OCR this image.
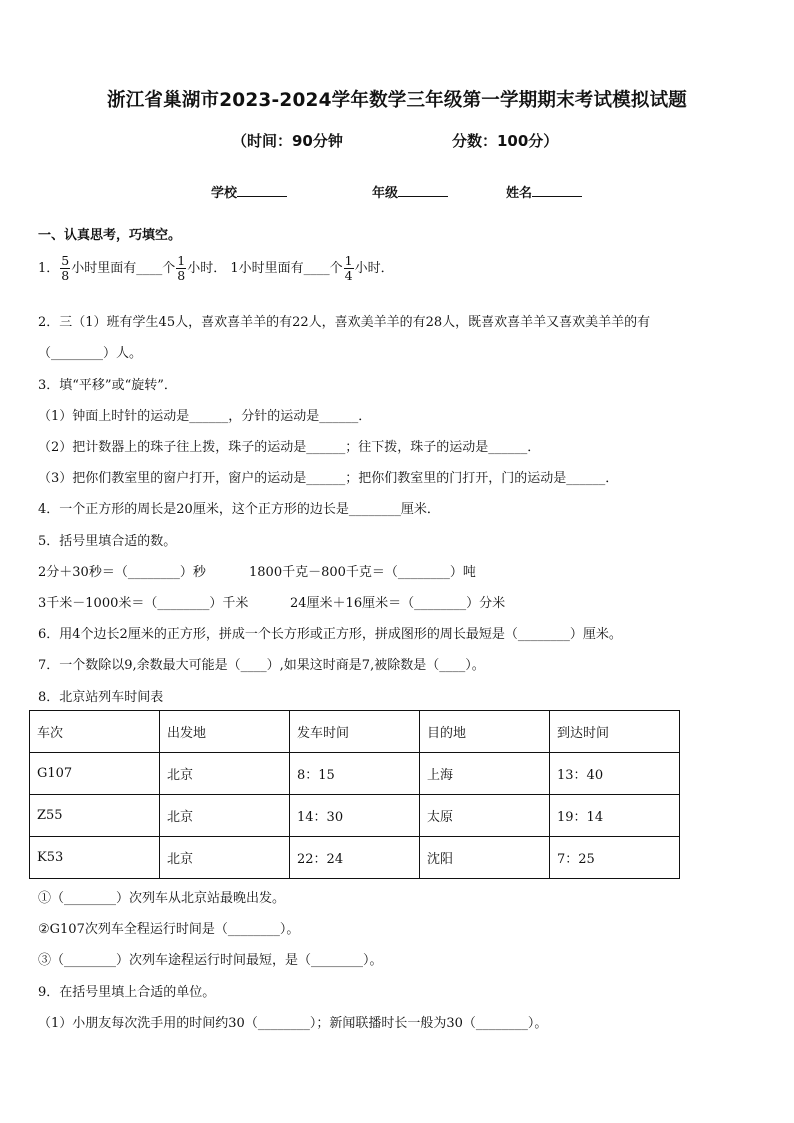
浙江省巢湖市2023-2024学年数学三年级第一学期期末考试模拟试题
（时间：90分钟	分数：100分）
学校	年级	姓名
一、认真思考，巧填空。
1． $\frac{5}{8}$ 小时里面有____个 $\frac{1}{8}$ 小时． 1小时里面有____个 $\frac{1}{4}$ 小时．
2．三（1）班有学生45人，喜欢喜羊羊的有22人，喜欢美羊羊的有28人，既喜欢喜羊羊又喜欢美羊羊的有
（________）人。
3．填“平移”或“旋转”．
（1）钟面上时针的运动是______，分针的运动是______．
（2）把计数器上的珠子往上拨，珠子的运动是______；往下拨，珠子的运动是______．
（3）把你们教室里的窗户打开，窗户的运动是______；把你们教室里的门打开，门的运动是______．
4．一个正方形的周长是20厘米，这个正方形的边长是________厘米．
5．括号里填合适的数。
2分＋30秒＝（________）秒	1800千克－800千克＝（________）吨
3千米－1000米＝（________）千米	24厘米＋16厘米＝（________）分米
6．用4个边长2厘米的正方形，拼成一个长方形或正方形，拼成图形的周长最短是（________）厘米。
7．一个数除以9,余数最大可能是（____）,如果这时商是7,被除数是（____）。
8．北京站列车时间表
车次	出发地	发车时间	目的地	到达时间
G107	北京	8：15	上海	13：40
Z55	北京	14：30	太原	19：14
K53	北京	22：24	沈阳	7：25
①（________）次列车从北京站最晚出发。
②G107次列车全程运行时间是（________）。
③（________）次列车途程运行时间最短，是（________）。
9．在括号里填上合适的单位。
（1）小朋友每次洗手用的时间约30（________）；新闻联播时长一般为30（________）。
